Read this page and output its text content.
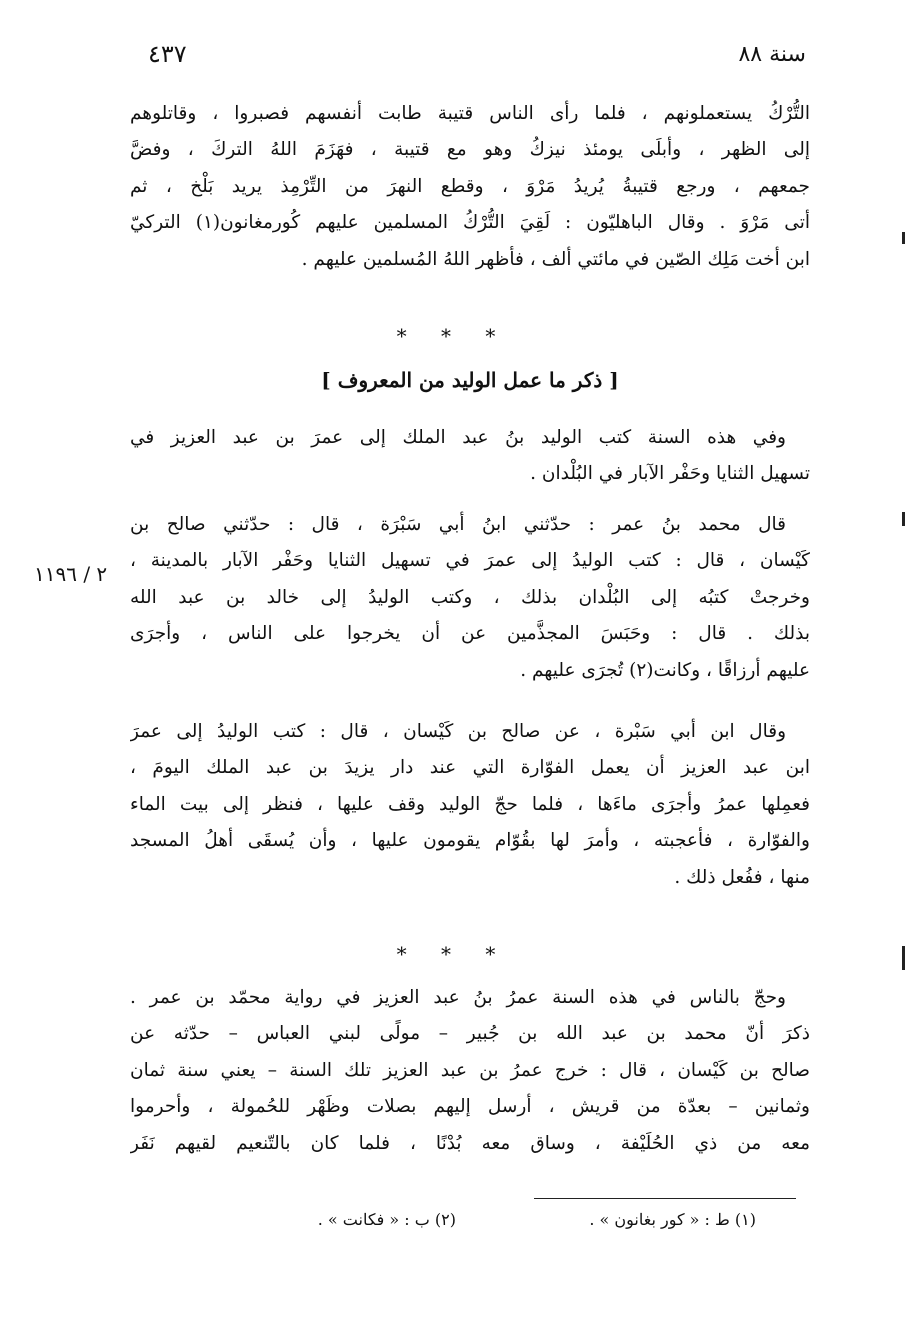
سنة ٨٨
٤٣٧
التُّرْكُ يستعملونهم ، فلما رأى الناس قتيبة طابت أنفسهم فصبروا ، وقاتلوهم
إلى الظهر ، وأبلَى يومئذ نيزكُ وهو مع قتيبة ، فهَزَمَ اللهُ التركَ ، وفضَّ
جمعهم ، ورجع قتيبةُ يُريدُ مَرْوَ ، وقطع النهرَ من التِّرْمِذ يريد بَلْخ ، ثم
أتى مَرْوَ . وقال الباهليّون : لَقِيَ التُّرْكُ المسلمين عليهم كُورمغانون(١) التركيّ
ابن أخت مَلِك الصّين في مائتي ألف ، فأظهر اللهُ المُسلمين عليهم .
* * *
[ ذكر ما عمل الوليد من المعروف ]
وفي هذه السنة كتب الوليد بنُ عبد الملك إلى عمرَ بن عبد العزيز في
تسهيل الثنايا وحَفْر الآبار في البُلْدان .
قال محمد بنُ عمر : حدّثني ابنُ أبي سَبْرَة ، قال : حدّثني صالح بن
كَيْسان ، قال : كتب الوليدُ إلى عمرَ في تسهيل الثنايا وحَفْر الآبار بالمدينة ،
وخرجتْ كتبُه إلى البُلْدان بذلك ، وكتب الوليدُ إلى خالد بن عبد الله
بذلك . قال : وحَبَسَ المجذَّمين عن أن يخرجوا على الناس ، وأجرَى
عليهم أرزاقًا ، وكانت(٢) تُجرَى عليهم .
٢ / ١١٩٦
وقال ابن أبي سَبْرة ، عن صالح بن كَيْسان ، قال : كتب الوليدُ إلى عمرَ
ابن عبد العزيز أن يعمل الفوّارة التي عند دار يزيدَ بن عبد الملك اليومَ ،
فعمِلها عمرُ وأجرَى ماءَها ، فلما حجّ الوليد وقف عليها ، فنظر إلى بيت الماء
والفوّارة ، فأعجبته ، وأمرَ لها بقُوّام يقومون عليها ، وأن يُسقَى أهلُ المسجد
منها ، ففُعل ذلك .
* * *
وحجّ بالناس في هذه السنة عمرُ بنُ عبد العزيز في رواية محمّد بن عمر .
ذكرَ أنّ محمد بن عبد الله بن جُبير – مولًى لبني العباس – حدّثه عن
صالح بن كَيْسان ، قال : خرج عمرُ بن عبد العزيز تلك السنة – يعني سنة ثمان
وثمانين – بعدّة من قريش ، أرسل إليهم بصلات وظَهْر للحُمولة ، وأحرموا
معه من ذي الحُلَيْفة ، وساق معه بُدْنًا ، فلما كان بالتّنعيم لقيهم نَفَر
(١) ط : « كور بغانون » .
(٢) ب : « فكانت » .
